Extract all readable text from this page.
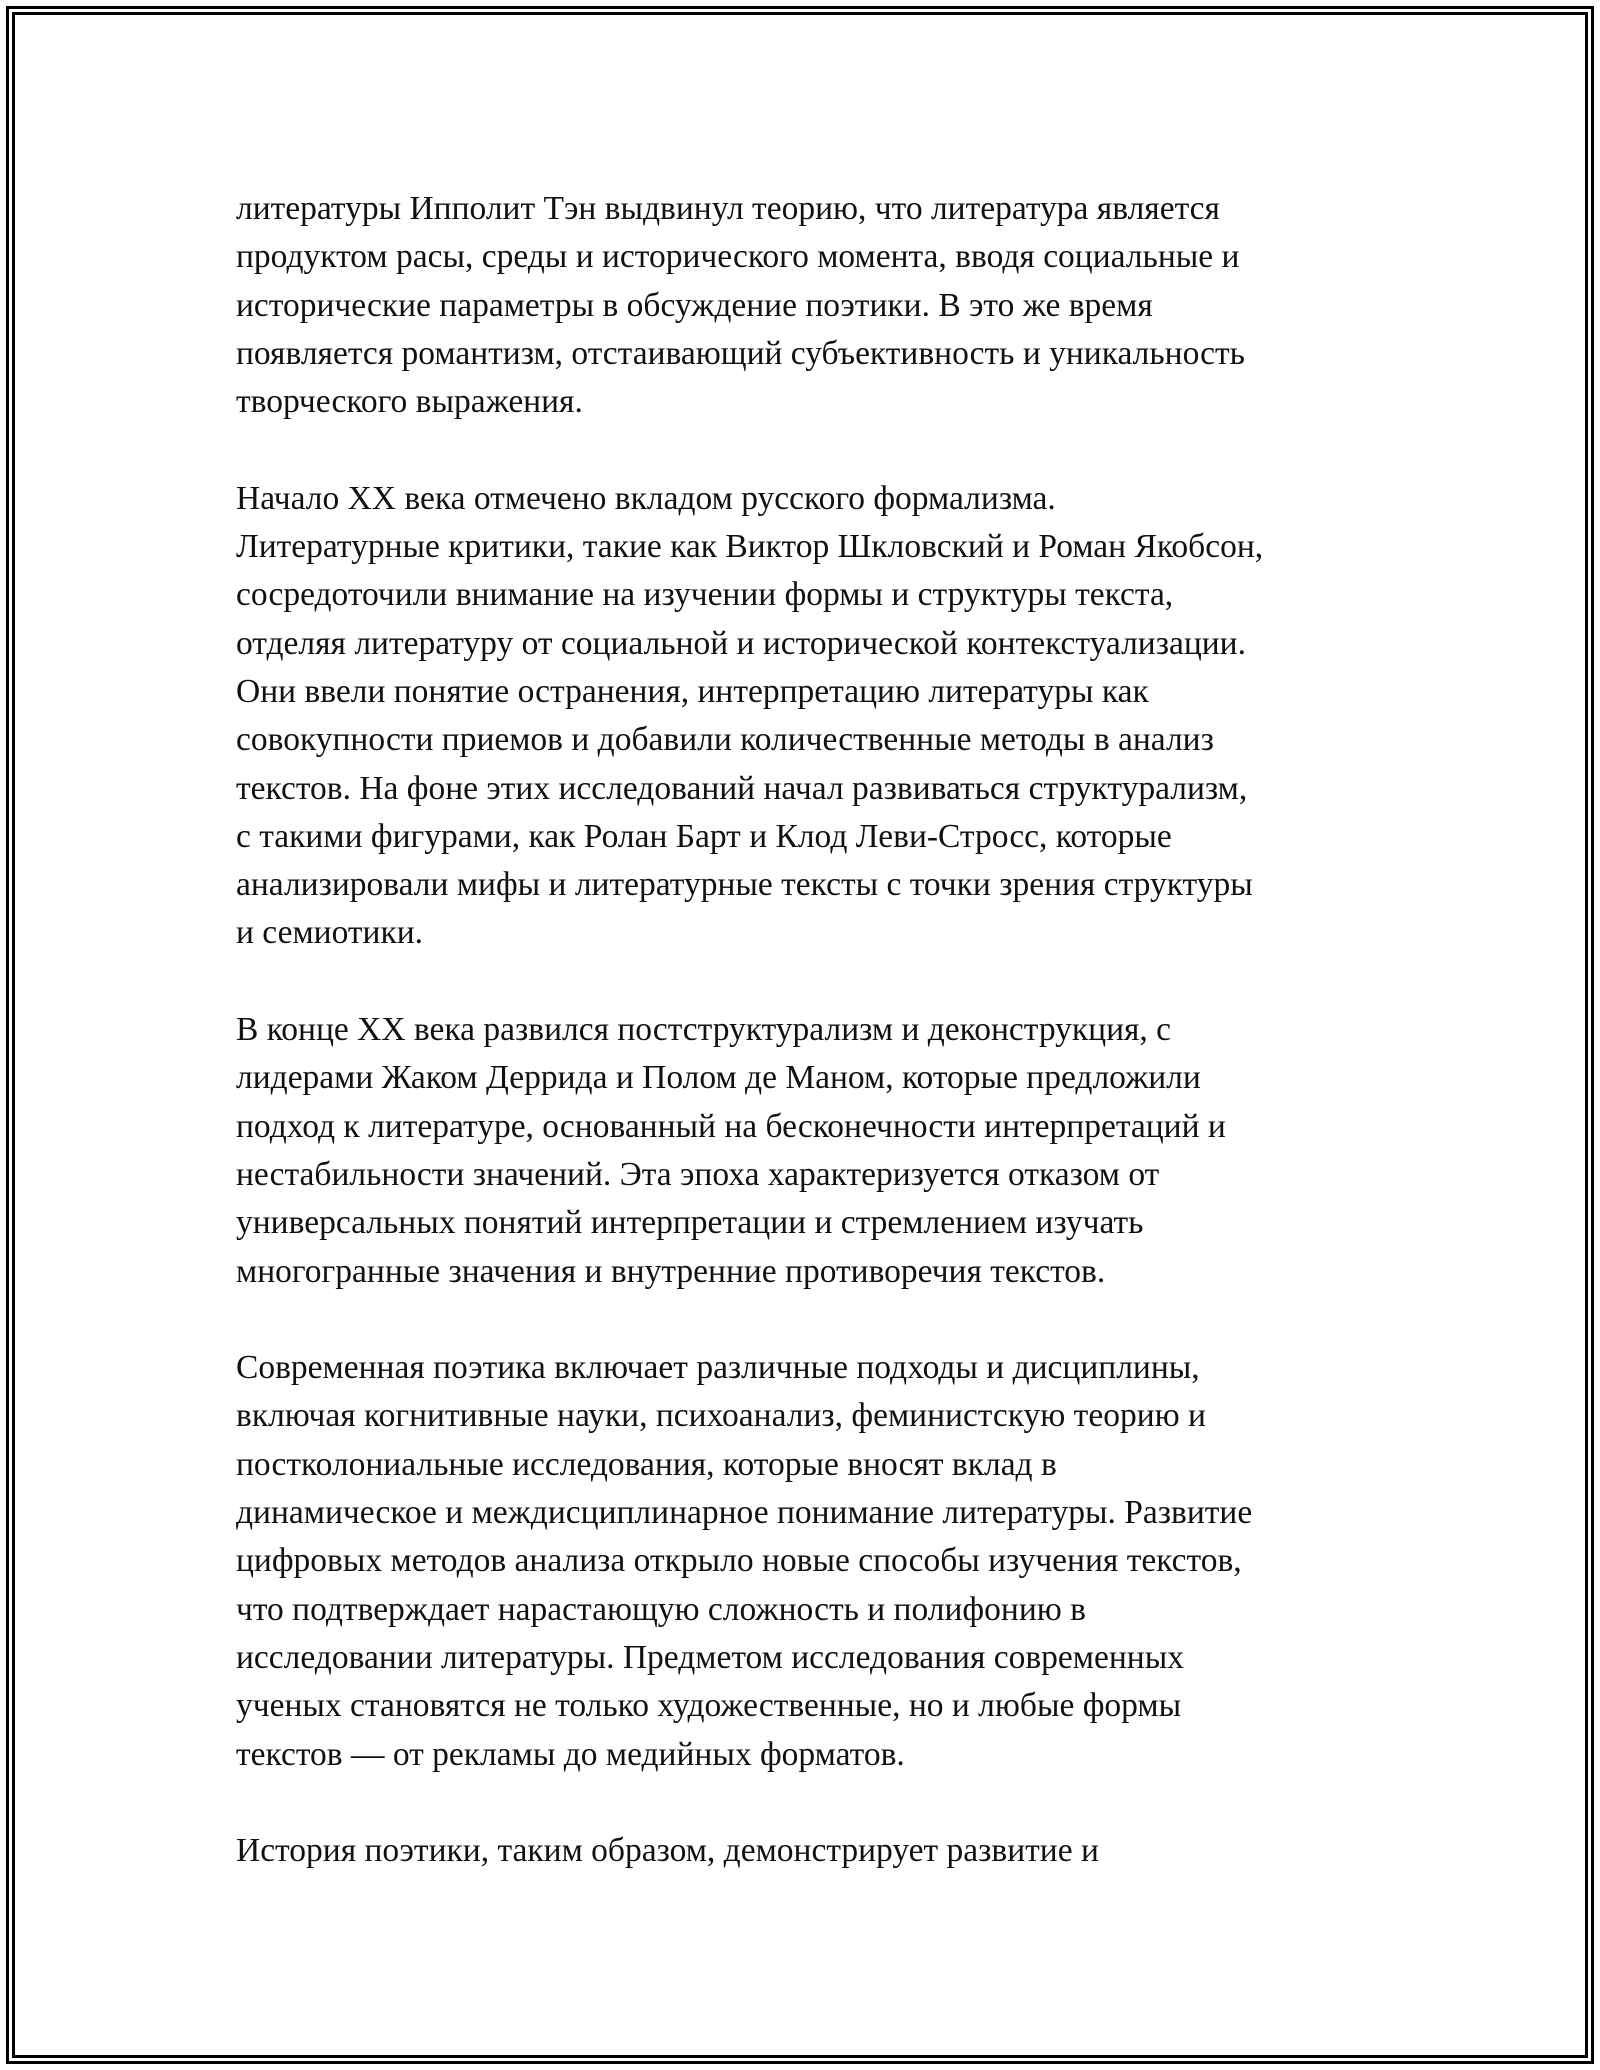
литературы Ипполит Тэн выдвинул теорию, что литература является
продуктом расы, среды и исторического момента, вводя социальные и
исторические параметры в обсуждение поэтики. В это же время
появляется романтизм, отстаивающий субъективность и уникальность
творческого выражения.
Начало XX века отмечено вкладом русского формализма.
Литературные критики, такие как Виктор Шкловский и Роман Якобсон,
сосредоточили внимание на изучении формы и структуры текста,
отделяя литературу от социальной и исторической контекстуализации.
Они ввели понятие остранения, интерпретацию литературы как
совокупности приемов и добавили количественные методы в анализ
текстов. На фоне этих исследований начал развиваться структурализм,
с такими фигурами, как Ролан Барт и Клод Леви-Стросс, которые
анализировали мифы и литературные тексты с точки зрения структуры
и семиотики.
В конце XX века развился постструктурализм и деконструкция, с
лидерами Жаком Деррида и Полом де Маном, которые предложили
подход к литературе, основанный на бесконечности интерпретаций и
нестабильности значений. Эта эпоха характеризуется отказом от
универсальных понятий интерпретации и стремлением изучать
многогранные значения и внутренние противоречия текстов.
Современная поэтика включает различные подходы и дисциплины,
включая когнитивные науки, психоанализ, феминистскую теорию и
постколониальные исследования, которые вносят вклад в
динамическое и междисциплинарное понимание литературы. Развитие
цифровых методов анализа открыло новые способы изучения текстов,
что подтверждает нарастающую сложность и полифонию в
исследовании литературы. Предметом исследования современных
ученых становятся не только художественные, но и любые формы
текстов — от рекламы до медийных форматов.
История поэтики, таким образом, демонстрирует развитие и
